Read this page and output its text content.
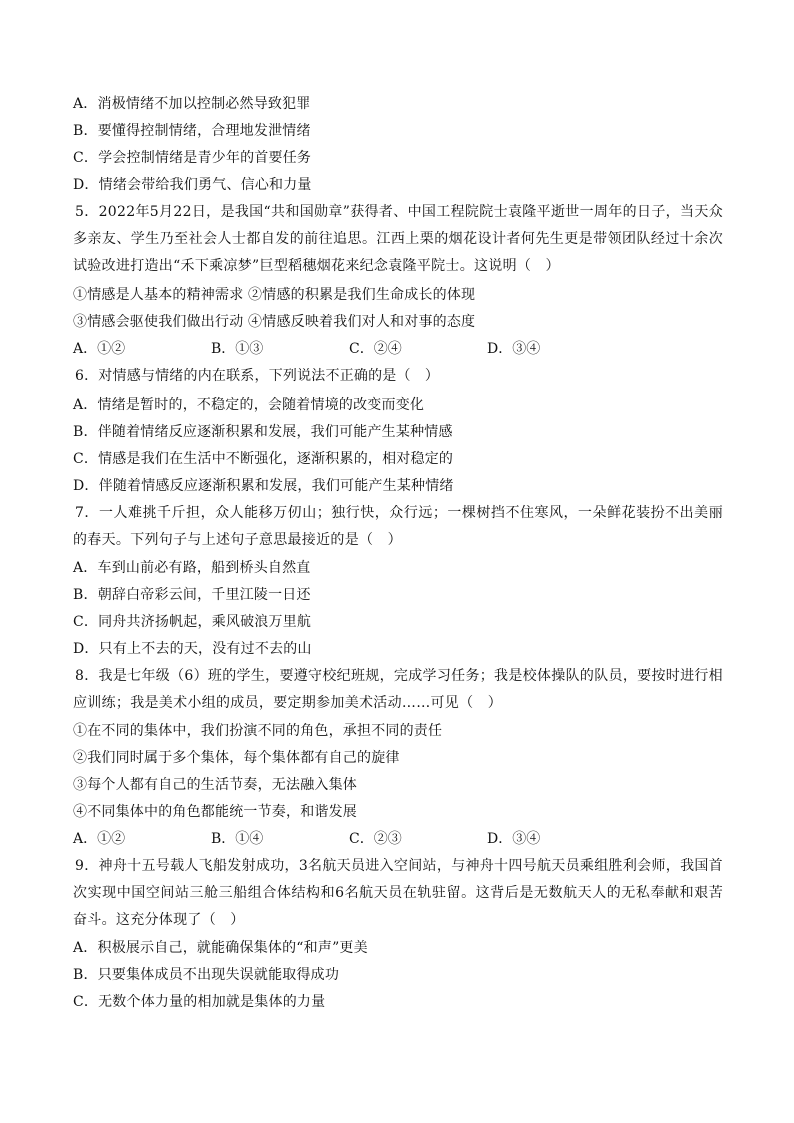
A．消极情绪不加以控制必然导致犯罪
B．要懂得控制情绪，合理地发泄情绪
C．学会控制情绪是青少年的首要任务
D．情绪会带给我们勇气、信心和力量
5．2022年5月22日，是我国“共和国勋章”获得者、中国工程院院士袁隆平逝世一周年的日子，当天众多亲友、学生乃至社会人士都自发的前往追思。江西上栗的烟花设计者何先生更是带领团队经过十余次试验改进打造出“禾下乘凉梦”巨型稻穗烟花来纪念袁隆平院士。这说明（　）
①情感是人基本的精神需求 ②情感的积累是我们生命成长的体现
③情感会驱使我们做出行动 ④情感反映着我们对人和对事的态度
A．①②	B．①③	C．②④	D．③④
6．对情感与情绪的内在联系，下列说法不正确的是（　）
A．情绪是暂时的，不稳定的，会随着情境的改变而变化
B．伴随着情绪反应逐渐积累和发展，我们可能产生某种情感
C．情感是我们在生活中不断强化，逐渐积累的，相对稳定的
D．伴随着情感反应逐渐积累和发展，我们可能产生某种情绪
7．一人难挑千斤担，众人能移万仞山；独行快，众行远；一棵树挡不住寒风，一朵鲜花装扮不出美丽的春天。下列句子与上述句子意思最接近的是（　）
A．车到山前必有路，船到桥头自然直
B．朝辞白帝彩云间，千里江陵一日还
C．同舟共济扬帆起，乘风破浪万里航
D．只有上不去的天，没有过不去的山
8．我是七年级（6）班的学生，要遵守校纪班规，完成学习任务；我是校体操队的队员，要按时进行相应训练；我是美术小组的成员，要定期参加美术活动……可见（　）
①在不同的集体中，我们扮演不同的角色，承担不同的责任
②我们同时属于多个集体，每个集体都有自己的旋律
③每个人都有自己的生活节奏，无法融入集体
④不同集体中的角色都能统一节奏，和谐发展
A．①②	B．①④	C．②③	D．③④
9．神舟十五号载人飞船发射成功，3名航天员进入空间站，与神舟十四号航天员乘组胜利会师，我国首次实现中国空间站三舱三船组合体结构和6名航天员在轨驻留。这背后是无数航天人的无私奉献和艰苦奋斗。这充分体现了（　）
A．积极展示自己，就能确保集体的“和声”更美
B．只要集体成员不出现失误就能取得成功
C．无数个体力量的相加就是集体的力量
